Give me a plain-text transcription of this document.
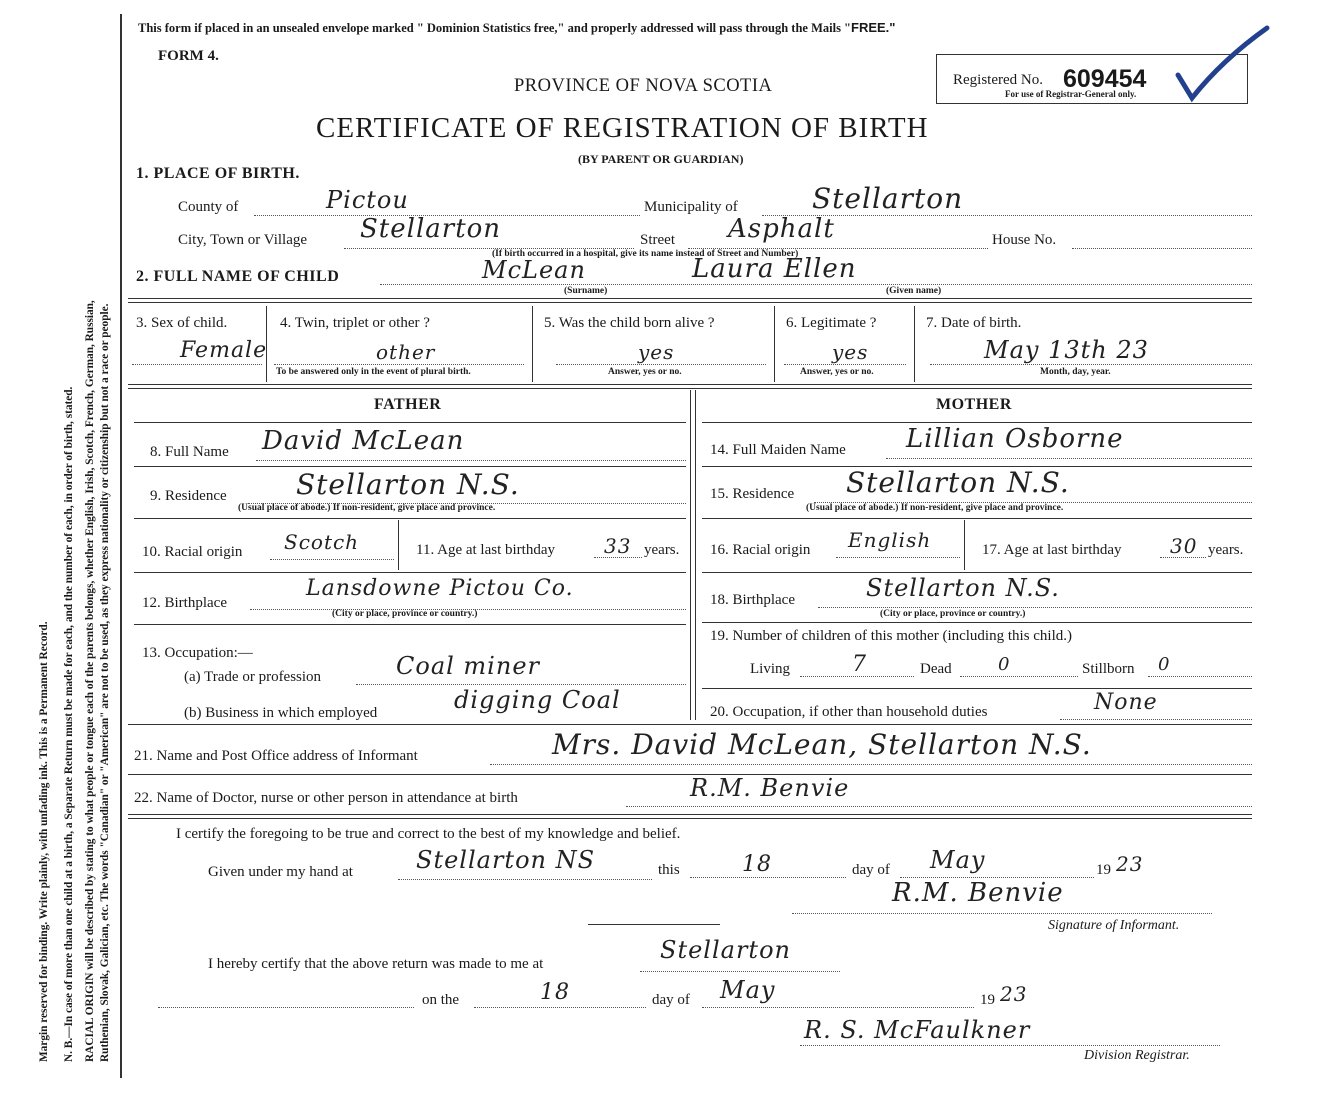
Margin reserved for binding. Write plainly, with unfading ink. This is a Permanent Record. N. B.—In case of more than one child at a birth, a Separate Return must be made for each, and the number of each, in order of birth, stated. RACIAL ORIGIN will be described by stating to what people or tongue each of the parents belongs, whether English, Irish, Scotch, French, German, Russian, Ruthenian, Slovak, Galician, etc. The words "Canadian" or "American" are not to be used, as they express nationality or citizenship but not a race or people.
This form if placed in an unsealed envelope marked " Dominion Statistics free," and properly addressed will pass through the Mails "FREE."
FORM 4.
PROVINCE OF NOVA SCOTIA
CERTIFICATE OF REGISTRATION OF BIRTH
(BY PARENT OR GUARDIAN)
Registered No. 609454
For use of Registrar-General only.
1. PLACE OF BIRTH.
County of	Pictou	Municipality of	Stellarton
City, Town or Village Stellarton	Street Asphalt	House No.
(If birth occurred in a hospital, give its name instead of Street and Number)
2. FULL NAME OF CHILD	McLean	Laura Ellen
(Surname)	(Given name)
3. Sex of child.
Female
4. Twin, triplet or other ?
other
To be answered only in the event of plural birth.
5. Was the child born alive ?
yes
Answer, yes or no.
6. Legitimate ?
yes
Answer, yes or no.
7. Date of birth.
May 13th 23
Month, day, year.
FATHER	MOTHER
8. Full Name David McLean
9. Residence Stellarton N.S.
(Usual place of abode.) If non-resident, give place and province.
10. Racial origin Scotch	11. Age at last birthday 33 years.
12. Birthplace
Lansdowne Pictou Co.
(City or place, province or country.)
13. Occupation:—
(a) Trade or profession	Coal miner
(b) Business in which employed	digging Coal
14. Full Maiden Name Lillian Osborne
15. Residence Stellarton N.S.
(Usual place of abode.) If non-resident, give place and province.
16. Racial origin English	17. Age at last birthday 30 years.
18. Birthplace	Stellarton N.S.
(City or place, province or country.)
19. Number of children of this mother (including this child.)
Living	7	Dead	0	Stillborn 0
20. Occupation, if other than household duties	None
21. Name and Post Office address of Informant	Mrs. David McLean, Stellarton N.S.
22. Name of Doctor, nurse or other person in attendance at birth	R.M. Benvie
I certify the foregoing to be true and correct to the best of my knowledge and belief.
Given under my hand at	Stellarton NS	this	18	day of May	19 23
R.M. Benvie
Signature of Informant.
I hereby certify that the above return was made to me at	Stellarton
on the	18	day of May	19 23
R. S. McFaulkner
Division Registrar.
